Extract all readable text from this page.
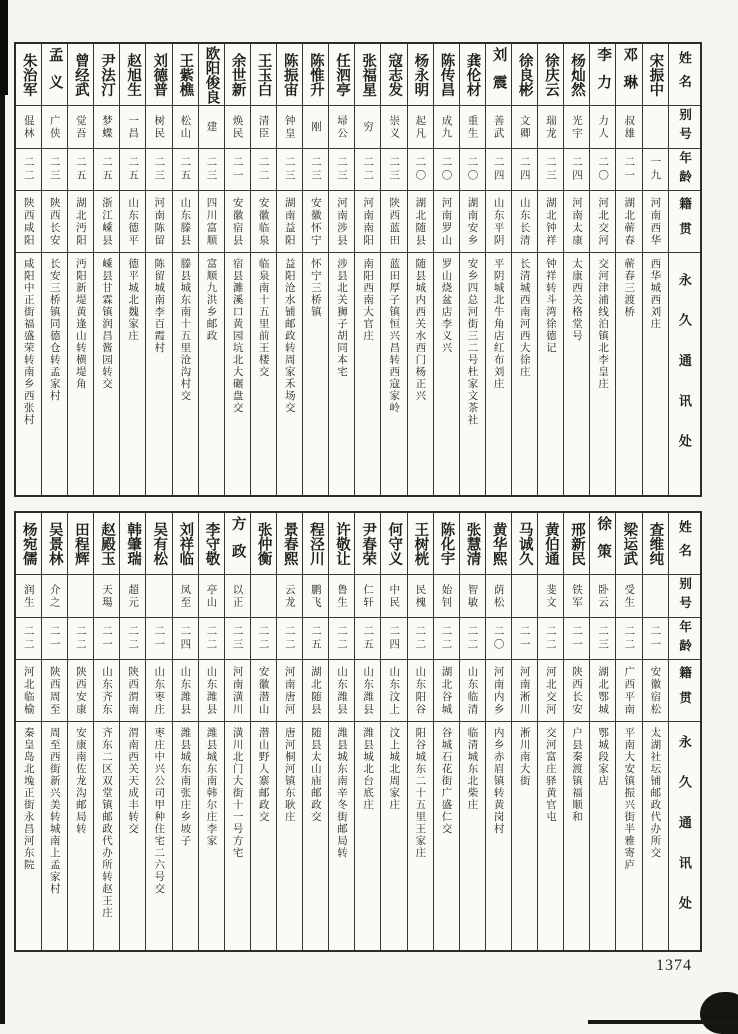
姓名
别号
年龄
籍贯
永久通讯处
宋振中
一九
河南西华
西华城西刘庄
邓琳
叔雄
二一
湖北蕲春
蕲春三渡桥
李力
力人
二〇
河北交河
交河津浦线泊镇北李皇庄
杨灿然
光宇
二四
河南太康
太康西关格堂号
徐庆云
瑞龙
二三
湖北钟祥
钟祥转斗湾徐德记
徐良彬
文卿
二四
山东长清
长清城西南河西大徐庄
刘震
善武
二四
山东平阴
平阴城北牛角店红布刘庄
龚伦材
重生
二〇
湖南安乡
安乡四总河街三二号杜家文茶社
陈传昌
成九
二〇
河南罗山
罗山烧盆店李义兴
杨永明
起凡
二〇
湖北随县
随县城内西关水西门杨正兴
寇志发
崇义
二三
陕西蓝田
蓝田厚子镇恒兴昌转西寇家岭
张福星
穷
二二
河南南阳
南阳西南大官庄
任泗亭
埽公
二三
河南涉县
涉县北关狮子胡同本宅
陈惟升
刚
二三
安徽怀宁
怀宁三桥镇
陈振宙
钟皇
二三
湖南益阳
益阳沧水铺邮政转周家禾场交
王玉白
清臣
二二
安徽临泉
临泉南十五里前王楼交
余世新
焕民
二一
安徽宿县
宿县濉溪口黄园坑北大碾盘交
欧阳俊良
建
二三
四川富顺
富顺九洪乡邮政
王紫樵
松山
二五
山东滕县
滕县城东南十五里沧沟村交
刘德普
树民
二三
河南陈留
陈留城南李百霞村
赵旭生
一昌
二五
山东德平
德平城北魏家庄
尹法汀
梦蝶
二五
浙江嵊县
嵊县甘霖镇润昌酱园转交
曾经武
觉吾
二五
湖北沔阳
沔阳新堤黄逢山转横堤角
孟义
广侠
二三
陕西长安
长安三桥镇同德仓转孟家村
朱治军
倱林
二二
陕西咸阳
咸阳中正街福盛荣转南乡西张村
姓名
别号
年龄
籍贯
永久通讯处
查维纯
二一
安徽宿松
太湖社坛铺邮政代办所交
梁运武
受生
二二
广西平南
平南大安镇振兴街半雅寄庐
徐策
卧云
二三
湖北鄂城
鄂城段家店
邢新民
铁军
二一
陕西长安
户县秦渡镇福顺和
黄伯通
斐文
二二
河北交河
交河富庄驿黄官屯
马诚久
二一
河南淅川
淅川南大街
黄华熙
荫松
二〇
河南内乡
内乡赤眉镇转黄岗村
张慧清
智敏
二二
山东临清
临清城东北柴庄
陈化宇
始钊
二二
湖北谷城
谷城石花街广盛仁交
王树桄
民槐
二二
山东阳谷
阳谷城东二十五里王家庄
何守义
中民
二四
山东汶上
汶上城北周家庄
尹春荣
仁轩
二五
山东潍县
潍县城北台底庄
许敬让
鲁生
二二
山东潍县
潍县城东南辛冬街邮局转
程泾川
鹏飞
二五
湖北随县
随县太山庙邮政交
景春熙
云龙
二二
河南唐河
唐河桐河镇东耿庄
张仲衡
二二
安徽潜山
潜山野人寨邮政交
方政
以正
二三
河南潢川
潢川北门大街十一号方宅
李守敬
亭山
二二
山东潍县
潍县城东南韩尔庄李家
刘祥临
凤至
二四
山东潍县
潍县城东南张庄乡坡子
吴有松
二一
山东枣庄
枣庄中兴公司甲种住宅二六号交
韩肇瑞
超元
二二
陕西渭南
渭南西关天成丰转交
赵殿玉
天瑒
二一
山东齐东
齐东二区双堂镇邮政代办所转赵王庄
田程辉
二二
陕西安康
安康南佐龙沟邮局转
吴景林
介之
二一
陕西周至
周至西街新兴美转城南上孟家村
杨宛儒
润生
二二
河北临榆
秦皇岛北堍正街永昌河东院
1374
